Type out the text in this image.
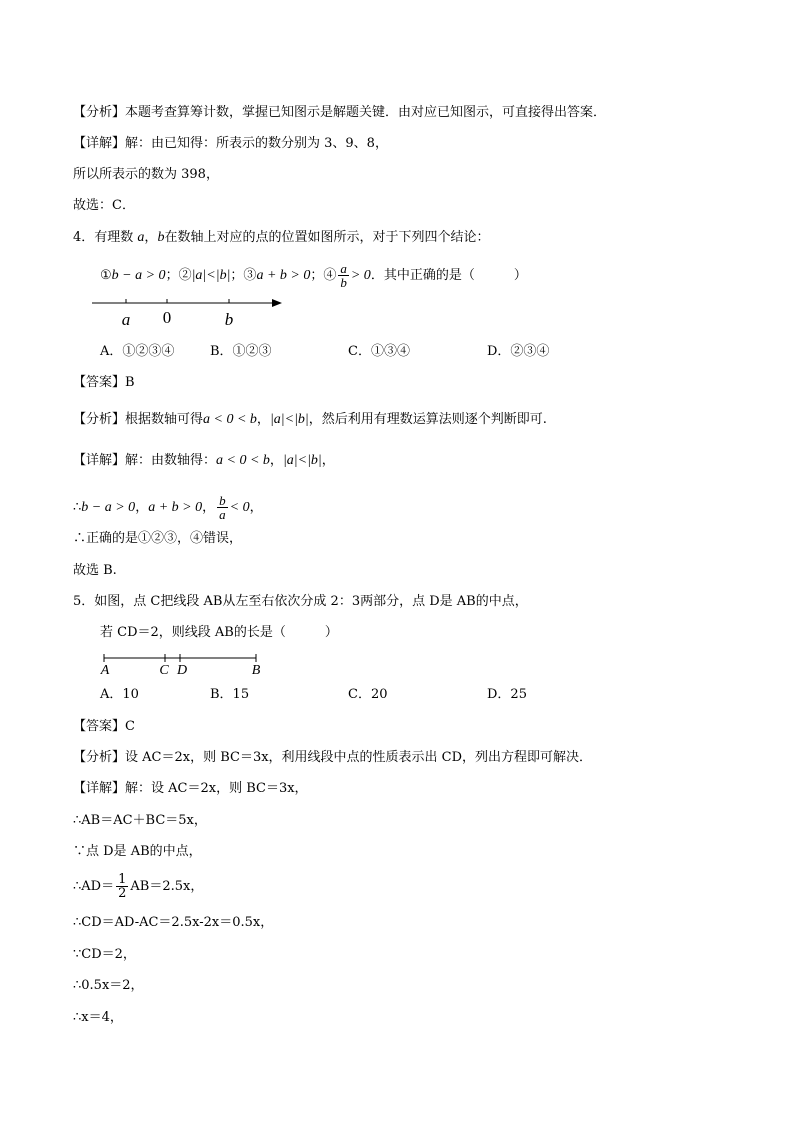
【分析】本题考查算筹计数，掌握已知图示是解题关键．由对应已知图示，可直接得出答案．
【详解】解：由已知得：所表示的数分别为 3、9、8，
所以所表示的数为 398，
故选：C．
4．有理数 a，b在数轴上对应的点的位置如图所示，对于下列四个结论：
①b − a > 0；②|a|<|b|；③a + b > 0；④ $\frac{a}{b} > 0$．其中正确的是（　　　）
a 0	b
A．①②③④	B．①②③	C．①③④	D．②③④
【答案】B
【分析】根据数轴可得a < 0 < b，|a|<|b|，然后利用有理数运算法则逐个判断即可.
【详解】解：由数轴得：a < 0 < b，|a|<|b|，
∴b − a > 0，a + b > 0， $\frac{b}{a} < 0$，
∴正确的是①②③，④错误，
故选 B.
5．如图，点 C把线段 AB从左至右依次分成 2：3两部分，点 D是 AB的中点，
若 CD＝2，则线段 AB的长是（　　　）
A	C D	B
A．10	B．15	C．20	D．25
【答案】C
【分析】设 AC＝2x，则 BC＝3x，利用线段中点的性质表示出 CD，列出方程即可解决．
【详解】解：设 AC＝2x，则 BC＝3x，
∴AB＝AC＋BC＝5x，
∵点 D是 AB的中点，
∴AD＝ $\frac{1}{2} AB=2.5x$，
∴CD＝AD-AC＝2.5x-2x＝0.5x，
∵CD＝2，
∴0.5x＝2，
∴x＝4，
